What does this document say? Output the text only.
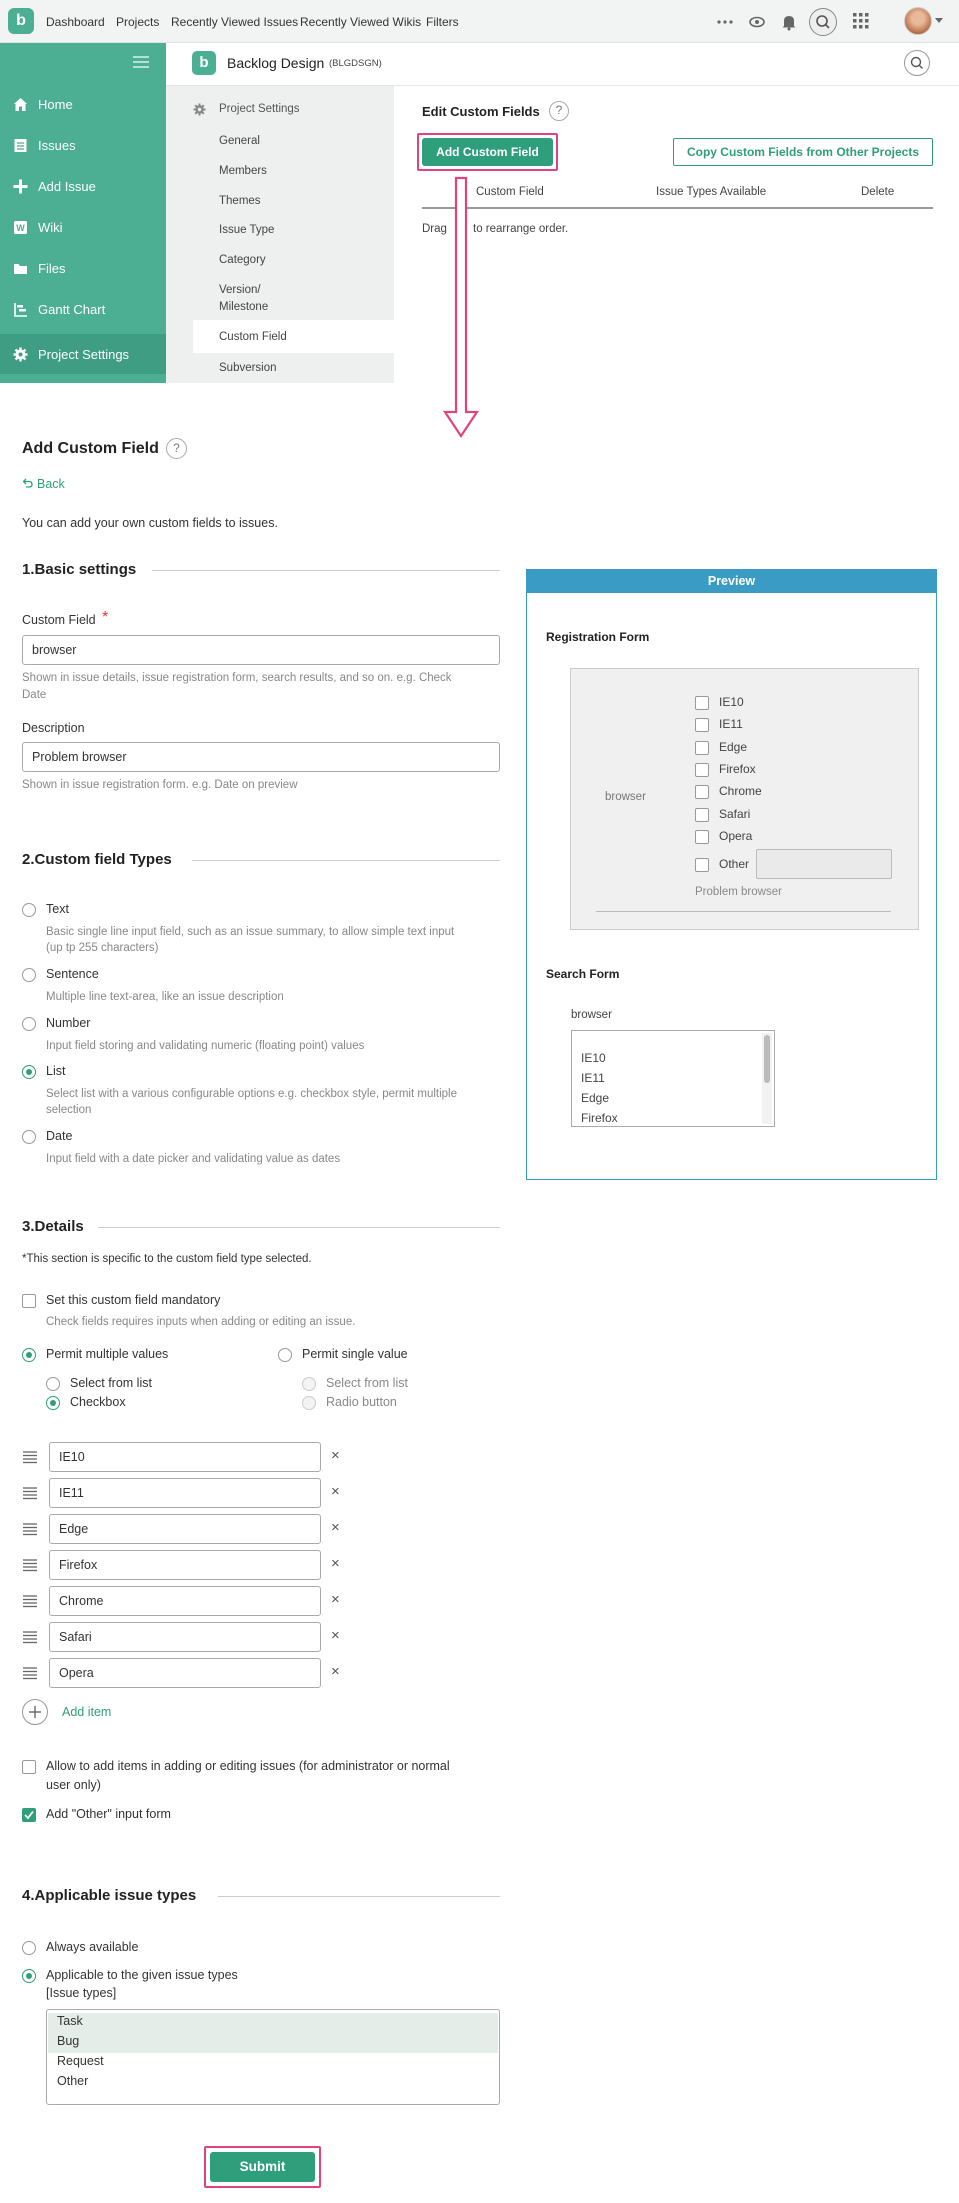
b	Dashboard Projects Recently Viewed Issues Recently Viewed Wikis Filters
Home
Issues
Add Issue
W Wiki
Files
Gantt Chart
Project Settings
b	Backlog Design (BLGDSGN)
Project Settings
General
Members
Themes
Issue Type
Category
Version/
Milestone
Custom Field
Subversion
Edit Custom Fields	?
Add Custom Field	Copy Custom Fields from Other Projects
Custom Field	Issue Types Available	Delete
Drag to rearrange order.
Add Custom Field	?
Back
You can add your own custom fields to issues.
1.Basic settings
Custom Field *
browser
Shown in issue details, issue registration form, search results, and so on. e.g. Check
Date
Description
Problem browser
Shown in issue registration form. e.g. Date on preview
2.Custom field Types
Text
Basic single line input field, such as an issue summary, to allow simple text input
(up tp 255 characters)
Sentence
Multiple line text-area, like an issue description
Number
Input field storing and validating numeric (floating point) values
List
Select list with a various configurable options e.g. checkbox style, permit multiple
selection
Date
Input field with a date picker and validating value as dates
3.Details
*This section is specific to the custom field type selected.
Set this custom field mandatory
Check fields requires inputs when adding or editing an issue.
Permit multiple values	Permit single value
Select from list
Checkbox
Select from list
Radio button
IE10	×
IE11	×
Edge	×
Firefox	×
Chrome	×
Safari	×
Opera	×
Add item
Allow to add items in adding or editing issues (for administrator or normal
user only)
Add "Other" input form
4.Applicable issue types
Always available
Applicable to the given issue types
[Issue types]
Task
Bug
Request
Other
Submit
Preview
Registration Form
browser
IE10
IE11
Edge
Firefox
Chrome
Safari
Opera
Other
Problem browser
Search Form
browser
IE10
IE11
Edge
Firefox
